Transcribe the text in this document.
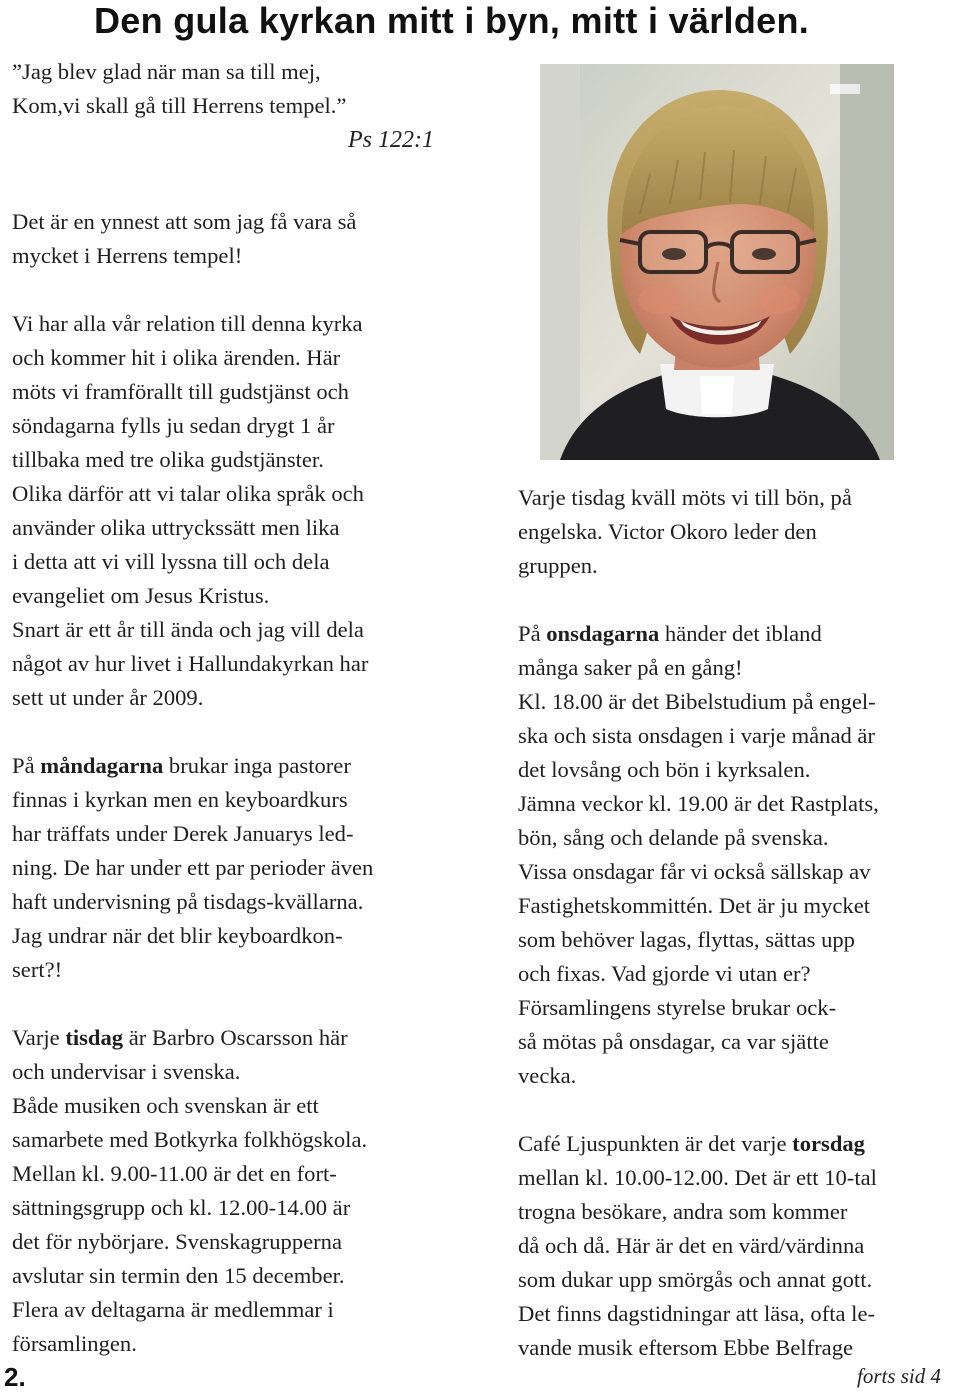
Den gula kyrkan mitt i byn, mitt i världen.
”Jag blev glad när man sa till mej,
Kom,vi skall gå till Herrens tempel.”
Ps 122:1
Det är en ynnest att som jag få vara så
mycket i Herrens tempel!
Vi har alla vår relation till denna kyrka
och kommer hit i olika ärenden. Här
möts vi framförallt till gudstjänst och
söndagarna fylls ju sedan drygt 1 år
tillbaka med tre olika gudstjänster.
Olika därför att vi talar olika språk och
använder olika uttryckssätt men lika
i detta att vi vill lyssna till och dela
evangeliet om Jesus Kristus.
Snart är ett år till ända och jag vill dela
något av hur livet i Hallundakyrkan har
sett ut under år 2009.
På måndagarna brukar inga pastorer
finnas i kyrkan men en keyboardkurs
har träffats under Derek Januarys led-
ning. De har under ett par perioder även
haft undervisning på tisdags-kvällarna.
Jag undrar när det blir keyboardkon-
sert?!
Varje tisdag är Barbro Oscarsson här
och undervisar i svenska.
Både musiken och svenskan är ett
samarbete med Botkyrka folkhögskola.
Mellan kl. 9.00-11.00 är det en fort-
sättningsgrupp och kl. 12.00-14.00 är
det för nybörjare. Svenskagrupperna
avslutar sin termin den 15 december.
Flera av deltagarna är medlemmar i
församlingen.
Varje tisdag kväll möts vi till bön, på
engelska. Victor Okoro leder den
gruppen.
På onsdagarna händer det ibland
många saker på en gång!
Kl. 18.00 är det Bibelstudium på engel-
ska och sista onsdagen i varje månad är
det lovsång och bön i kyrksalen.
Jämna veckor kl. 19.00 är det Rastplats,
bön, sång och delande på svenska.
Vissa onsdagar får vi också sällskap av
Fastighetskommittén. Det är ju mycket
som behöver lagas, flyttas, sättas upp
och fixas. Vad gjorde vi utan er?
Församlingens styrelse brukar ock-
så mötas på onsdagar, ca var sjätte
vecka.
Café Ljuspunkten är det varje torsdag
mellan kl. 10.00-12.00. Det är ett 10-tal
trogna besökare, andra som kommer
då och då. Här är det en värd/värdinna
som dukar upp smörgås och annat gott.
Det finns dagstidningar att läsa, ofta le-
vande musik eftersom Ebbe Belfrage
2.	forts sid 4
